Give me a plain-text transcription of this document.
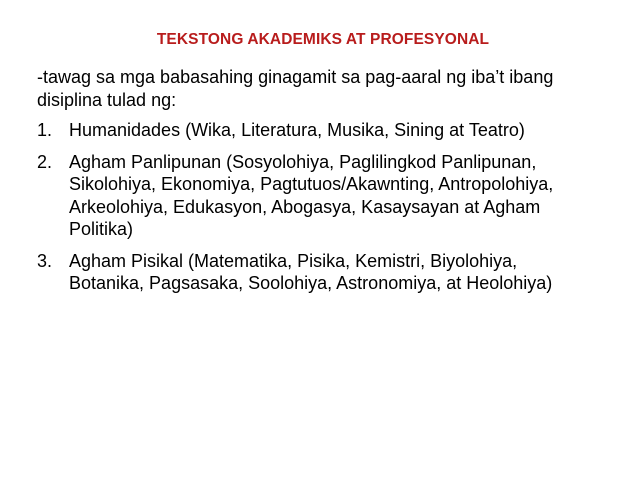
TEKSTONG AKADEMIKS AT PROFESYONAL

-tawag sa mga babasahing ginagamit sa pag-aaral ng iba’t ibang disiplina tulad ng:

1. Humanidades (Wika, Literatura, Musika, Sining at Teatro)
2. Agham Panlipunan (Sosyolohiya, Paglilingkod Panlipunan, Sikolohiya, Ekonomiya, Pagtutuos/Akawnting, Antropolohiya, Arkeolohiya, Edukasyon, Abogasya, Kasaysayan at Agham Politika)
3. Agham Pisikal (Matematika, Pisika, Kemistri, Biyolohiya, Botanika, Pagsasaka, Soolohiya, Astronomiya, at Heolohiya)
